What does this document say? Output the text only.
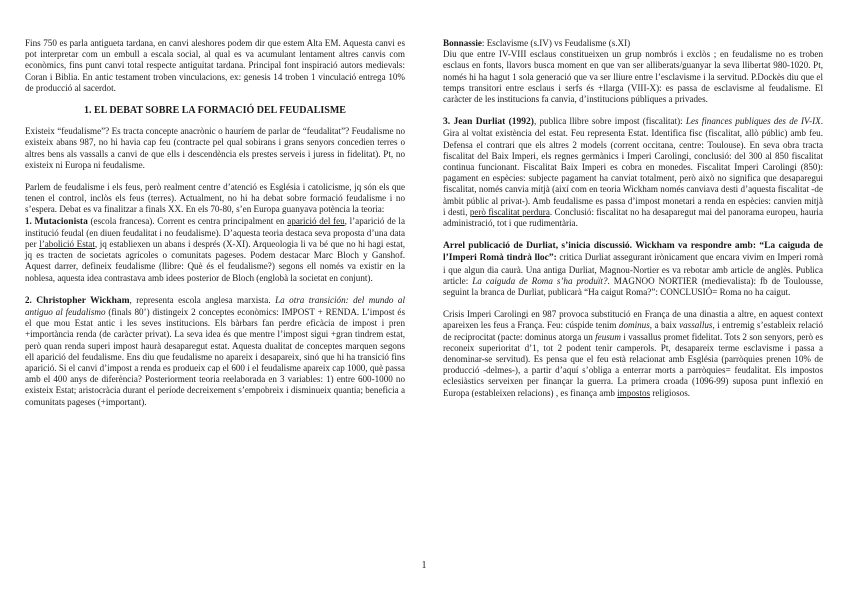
Fins 750 es parla antigueta tardana, en canvi aleshores podem dir que estem Alta EM. Aquesta canvi es pot interpretar com un embull a escala social, al qual es va acumulant lentament altres canvis com econòmics, fins punt canvi total respecte antiguitat tardana. Principal font inspiració autors medievals: Coran i Biblia. En antic testament troben vinculacions, ex: genesis 14 troben 1 vinculació entrega 10% de producció al sacerdot.

1. EL DEBAT SOBRE LA FORMACIÓ DEL FEUDALISME

Existeix “feudalisme”? Es tracta concepte anacrònic o hauríem de parlar de “feudalitat”? Feudalisme no existeix abans 987, no hi havia cap feu (contracte pel qual sobirans i grans senyors concedien terres o altres bens als vassalls a canvi de que ells i descendència els prestes serveis i juress in fidelitat). Pt, no existeix ni Europa ni feudalisme.

Parlem de feudalisme i els feus, però realment centre d’atenció es Església i catolicisme, jq són els que tenen el control, inclòs els feus (terres). Actualment, no hi ha debat sobre formació feudalisme i no s’espera. Debat es va finalitzar a finals XX. En els 70-80, s’en Europa guanyava potència la teoria:

1. Mutacionista (escola francesa). Corrent es centra principalment en aparició del feu, l’aparició de la institució feudal (en diuen feudalitat i no feudalisme). D’aquesta teoria destaca seva proposta d’una data per l’abolició Estat, jq establiexen un abans i després (X-XI). Arqueologia li va bé que no hi hagi estat, jq es tracten de societats agrícoles o comunitats pageses. Podem destacar Marc Bloch y Ganshof. Aquest darrer, defineix feudalisme (llibre: Què és el feudalisme?) segons ell només va existir en la noblesa, aquesta idea contrastava amb idees posterior de Bloch (englobà la societat en conjunt).

2. Christopher Wickham, representa escola anglesa marxista. La otra transición: del mundo al antiguo al feudalismo (finals 80’) distingeix 2 conceptes econòmics: IMPOST + RENDA. L’impost és el que mou Estat antic i les seves institucions. Els bàrbars fan perdre eficàcia de impost i pren +importància renda (de caràcter privat). La seva idea és que mentre l’impost sigui +gran tindrem estat, però quan renda superi impost haurà desaparegut estat. Aquesta dualitat de conceptes marquen segons ell aparició del feudalisme. Ens diu que feudalisme no apareix i desapareix, sinó que hi ha transició fins aparició. Si el canvi d’impost a renda es produeix cap el 600 i el feudalisme apareix cap 1000, què passa amb el 400 anys de diferència? Posteriorment teoria reelaborada en 3 variables: 1) entre 600-1000 no existeix Estat; aristocràcia durant el període decreixement s’empobreix i disminueix quantia; beneficia a comunitats pageses (+important).

Bonnassie: Esclavisme (s.IV) vs Feudalisme (s.XI)

Diu que entre IV-VIII esclaus constitueixen un grup nombrós i exclòs ; en feudalisme no es troben esclaus en fonts, llavors busca moment en que van ser alliberats/guanyar la seva llibertat 980-1020. Pt, només hi ha hagut 1 sola generació que va ser lliure entre l’esclavisme i la servitud. P.Dockès diu que el temps transitori entre esclaus i serfs és +llarga (VIII-X): es passa de esclavisme al feudalisme. El caràcter de les institucions fa canvia, d’institucions públiques a privades.

3. Jean Durliat (1992), publica llibre sobre impost (fiscalitat): Les finances publiques des de IV-IX. Gira al voltat existència del estat. Feu representa Estat. Identifica fisc (fiscalitat, allò públic) amb feu. Defensa el contrari que els altres 2 models (corrent occitana, centre: Toulouse). En seva obra tracta fiscalitat del Baix Imperi, els regnes germànics i Imperi Carolingi, conclusió: del 300 al 850 fiscalitat continua funcionant. Fiscalitat Baix Imperi es cobra en monedes. Fiscalitat Imperi Carolingi (850): pagament en espècies: subjecte pagament ha canviat totalment, però això no significa que desaparegui fiscalitat, només canvia mitjà (així com en teoria Wickham només canviava desti d’aquesta fiscalitat -de àmbit públic al privat-). Amb feudalisme es passa d’impost monetari a renda en espècies: canvien mitjà i desti, però fiscalitat perdura. Conclusió: fiscalitat no ha desaparegut mai del panorama europeu, hauria administració, tot i que rudimentària.

Arrel publicació de Durliat, s’inicia discussió. Wickham va respondre amb: “La caiguda de l’Imperi Romà tindrà lloc”: critica Durliat assegurant irònicament que encara vivim en Imperi romà i que algun dia caurà. Una antiga Durliat, Magnou-Nortier es va rebotar amb article de anglès. Publica article: La caiguda de Roma s’ha produït?. MAGNOO NORTIER (medievalista): fb de Toulousse, seguint la branca de Durliat, publicarà “Ha caigut Roma?”: CONCLUSIÓ= Roma no ha caigut.

Crisis Imperi Carolingi en 987 provoca substitució en França de una dinastia a altre, en aquest context apareixen les feus a França. Feu: cúspide tenim dominus, a baix vassallus, i entremig s’estableix relació de reciprocitat (pacte: dominus atorga un feusum i vassallus promet fidelitat. Tots 2 son senyors, però es reconeix superioritat d’1, tot 2 podent tenir camperols. Pt, desapareix terme esclavisme i passa a denominar-se servitud). Es pensa que el feu està relacionat amb Església (parròquies prenen 10% de producció -delmes-), a partir d’aquí s’obliga a enterrar morts a parròquies= feudalitat. Els impostos eclesiàstics serveixen per finançar la guerra. La primera croada (1096-99) suposa punt inflexió en Europa (estableixen relacions) , es finança amb impostos religiosos.

1
